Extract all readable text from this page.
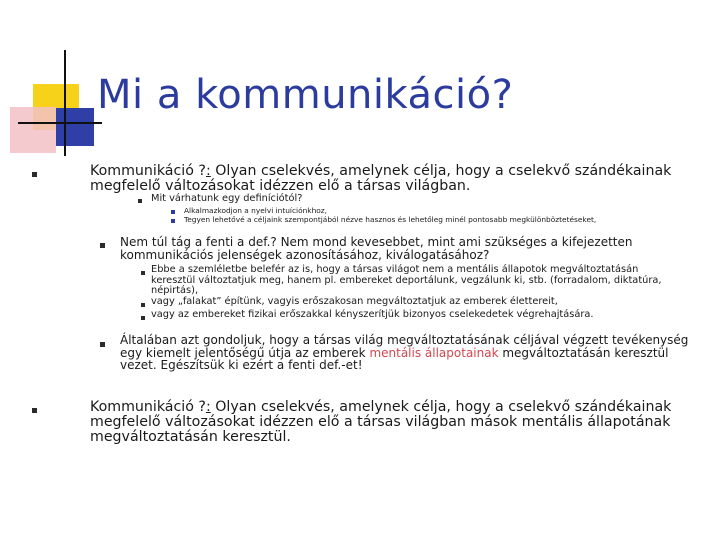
Mi a kommunikáció?
Kommunikáció ?: Olyan cselekvés, amelynek célja, hogy a cselekvő szándékainak
megfelelő változásokat idézzen elő a társas világban.
Mit várhatunk egy definíciótól?
Alkalmazkodjon a nyelvi intuíciónkhoz,
Tegyen lehetővé a céljaink szempontjából nézve hasznos és lehetőleg minél pontosabb megkülönböztetéseket,
Nem túl tág a fenti a def.? Nem mond kevesebbet, mint ami szükséges a kifejezetten
kommunikációs jelenségek azonosításához, kiválogatásához?
Ebbe a szemléletbe belefér az is, hogy a társas világot nem a mentális állapotok megváltoztatásán
keresztül változtatjuk meg, hanem pl. embereket deportálunk, vegzálunk ki, stb. (forradalom, diktatúra,
népirtás),
vagy „falakat” építünk, vagyis erőszakosan megváltoztatjuk az emberek élettereit,
vagy az embereket fizikai erőszakkal kényszerítjük bizonyos cselekedetek végrehajtására.
Általában azt gondoljuk, hogy a társas világ megváltoztatásának céljával végzett tevékenység
egy kiemelt jelentőségű útja az emberek mentális állapotainak megváltoztatásán keresztül
vezet. Egészítsük ki ezért a fenti def.-et!
Kommunikáció ?: Olyan cselekvés, amelynek célja, hogy a cselekvő szándékainak
megfelelő változásokat idézzen elő a társas világban mások mentális állapotának
megváltoztatásán keresztül.
